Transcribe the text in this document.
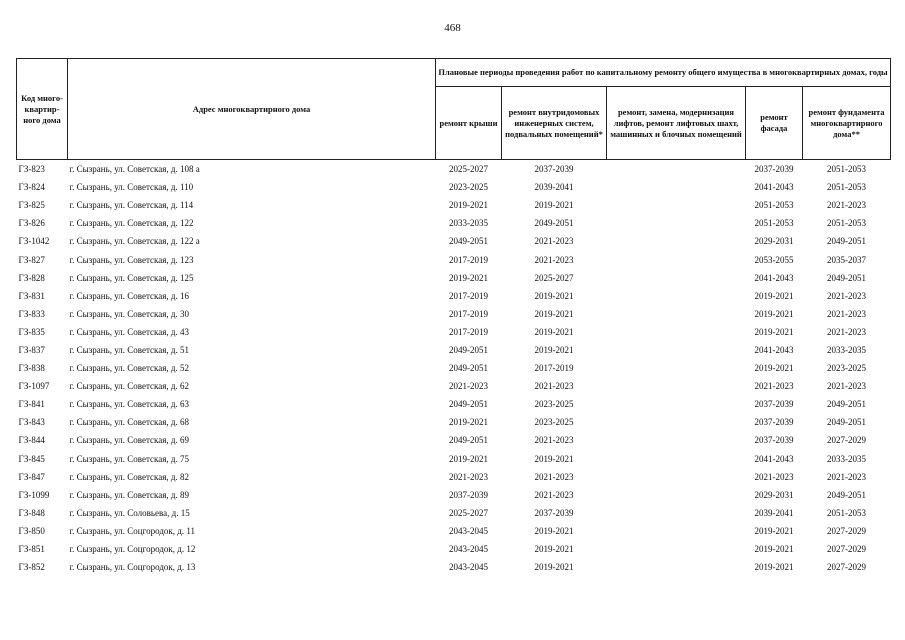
468
Код много-квартир-ного дома	Адрес многоквартирного дома	Плановые периоды проведения работ по капитальному ремонту общего имущества в многоквартирных домах, годы				
		ремонт крыши	ремонт внутридомовых инженерных систем, подвальных помещений*	ремонт, замена, модернизация лифтов, ремонт лифтовых шахт, машинных и блочных помещений	ремонт фасада	ремонт фундамента многоквартирного дома**
ГЗ-823	г. Сызрань, ул. Советская, д. 108 а	2025-2027	2037-2039		2037-2039	2051-2053
ГЗ-824	г. Сызрань, ул. Советская, д. 110	2023-2025	2039-2041		2041-2043	2051-2053
ГЗ-825	г. Сызрань, ул. Советская, д. 114	2019-2021	2019-2021		2051-2053	2021-2023
ГЗ-826	г. Сызрань, ул. Советская, д. 122	2033-2035	2049-2051		2051-2053	2051-2053
ГЗ-1042	г. Сызрань, ул. Советская, д. 122 а	2049-2051	2021-2023		2029-2031	2049-2051
ГЗ-827	г. Сызрань, ул. Советская, д. 123	2017-2019	2021-2023		2053-2055	2035-2037
ГЗ-828	г. Сызрань, ул. Советская, д. 125	2019-2021	2025-2027		2041-2043	2049-2051
ГЗ-831	г. Сызрань, ул. Советская, д. 16	2017-2019	2019-2021		2019-2021	2021-2023
ГЗ-833	г. Сызрань, ул. Советская, д. 30	2017-2019	2019-2021		2019-2021	2021-2023
ГЗ-835	г. Сызрань, ул. Советская, д. 43	2017-2019	2019-2021		2019-2021	2021-2023
ГЗ-837	г. Сызрань, ул. Советская, д. 51	2049-2051	2019-2021		2041-2043	2033-2035
ГЗ-838	г. Сызрань, ул. Советская, д. 52	2049-2051	2017-2019		2019-2021	2023-2025
ГЗ-1097	г. Сызрань, ул. Советская, д. 62	2021-2023	2021-2023		2021-2023	2021-2023
ГЗ-841	г. Сызрань, ул. Советская, д. 63	2049-2051	2023-2025		2037-2039	2049-2051
ГЗ-843	г. Сызрань, ул. Советская, д. 68	2019-2021	2023-2025		2037-2039	2049-2051
ГЗ-844	г. Сызрань, ул. Советская, д. 69	2049-2051	2021-2023		2037-2039	2027-2029
ГЗ-845	г. Сызрань, ул. Советская, д. 75	2019-2021	2019-2021		2041-2043	2033-2035
ГЗ-847	г. Сызрань, ул. Советская, д. 82	2021-2023	2021-2023		2021-2023	2021-2023
ГЗ-1099	г. Сызрань, ул. Советская, д. 89	2037-2039	2021-2023		2029-2031	2049-2051
ГЗ-848	г. Сызрань, ул. Соловьева, д. 15	2025-2027	2037-2039		2039-2041	2051-2053
ГЗ-850	г. Сызрань, ул. Соцгородок, д. 11	2043-2045	2019-2021		2019-2021	2027-2029
ГЗ-851	г. Сызрань, ул. Соцгородок, д. 12	2043-2045	2019-2021		2019-2021	2027-2029
ГЗ-852	г. Сызрань, ул. Соцгородок, д. 13	2043-2045	2019-2021		2019-2021	2027-2029
